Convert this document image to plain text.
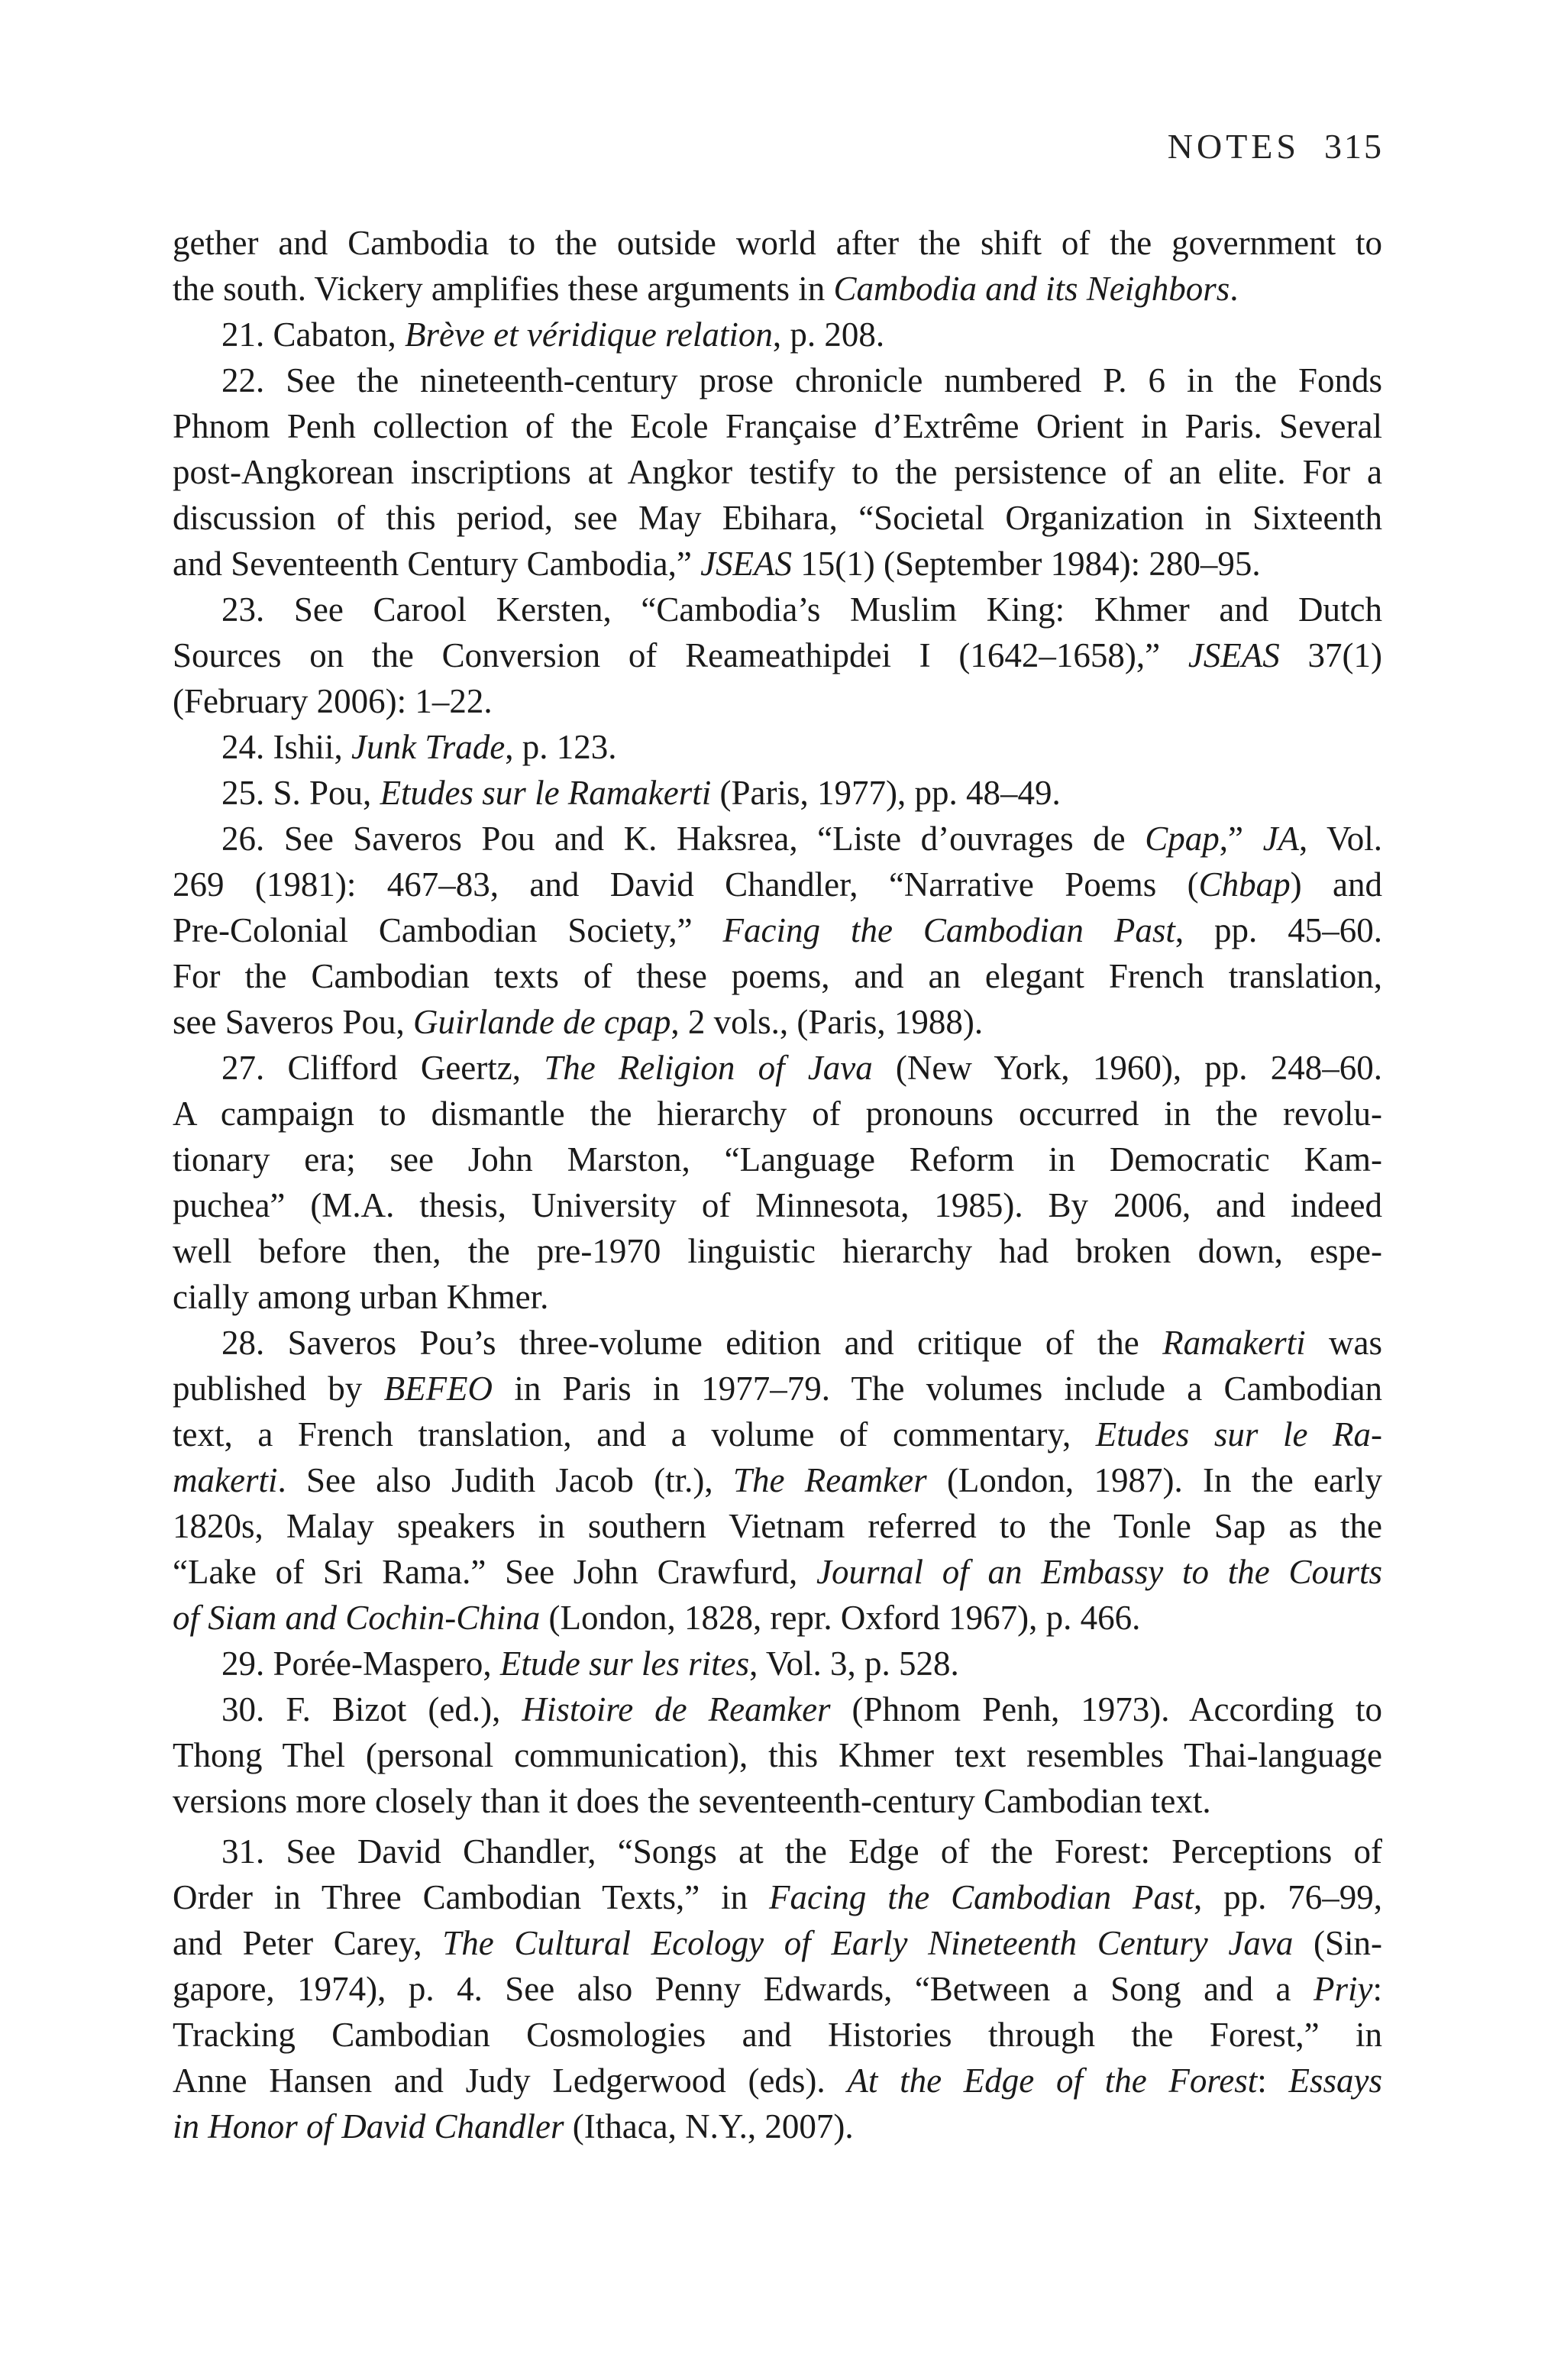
NOTES 315
gether and Cambodia to the outside world after the shift of the government to
the south. Vickery amplifies these arguments in Cambodia and its Neighbors.
21. Cabaton, Brève et véridique relation, p. 208.
22. See the nineteenth-century prose chronicle numbered P. 6 in the Fonds
Phnom Penh collection of the Ecole Française d’Extrême Orient in Paris. Several
post-Angkorean inscriptions at Angkor testify to the persistence of an elite. For a
discussion of this period, see May Ebihara, “Societal Organization in Sixteenth
and Seventeenth Century Cambodia,” JSEAS 15(1) (September 1984): 280–95.
23. See Carool Kersten, “Cambodia’s Muslim King: Khmer and Dutch
Sources on the Conversion of Reameathipdei I (1642–1658),” JSEAS 37(1)
(February 2006): 1–22.
24. Ishii, Junk Trade, p. 123.
25. S. Pou, Etudes sur le Ramakerti (Paris, 1977), pp. 48–49.
26. See Saveros Pou and K. Haksrea, “Liste d’ouvrages de Cpap,” JA, Vol.
269 (1981): 467–83, and David Chandler, “Narrative Poems (Chbap) and
Pre-Colonial Cambodian Society,” Facing the Cambodian Past, pp. 45–60.
For the Cambodian texts of these poems, and an elegant French translation,
see Saveros Pou, Guirlande de cpap, 2 vols., (Paris, 1988).
27. Clifford Geertz, The Religion of Java (New York, 1960), pp. 248–60.
A campaign to dismantle the hierarchy of pronouns occurred in the revolu-
tionary era; see John Marston, “Language Reform in Democratic Kam-
puchea” (M.A. thesis, University of Minnesota, 1985). By 2006, and indeed
well before then, the pre-1970 linguistic hierarchy had broken down, espe-
cially among urban Khmer.
28. Saveros Pou’s three-volume edition and critique of the Ramakerti was
published by BEFEO in Paris in 1977–79. The volumes include a Cambodian
text, a French translation, and a volume of commentary, Etudes sur le Ra-
makerti. See also Judith Jacob (tr.), The Reamker (London, 1987). In the early
1820s, Malay speakers in southern Vietnam referred to the Tonle Sap as the
“Lake of Sri Rama.” See John Crawfurd, Journal of an Embassy to the Courts
of Siam and Cochin-China (London, 1828, repr. Oxford 1967), p. 466.
29. Porée-Maspero, Etude sur les rites, Vol. 3, p. 528.
30. F. Bizot (ed.), Histoire de Reamker (Phnom Penh, 1973). According to
Thong Thel (personal communication), this Khmer text resembles Thai-language
versions more closely than it does the seventeenth-century Cambodian text.
31. See David Chandler, “Songs at the Edge of the Forest: Perceptions of
Order in Three Cambodian Texts,” in Facing the Cambodian Past, pp. 76–99,
and Peter Carey, The Cultural Ecology of Early Nineteenth Century Java (Sin-
gapore, 1974), p. 4. See also Penny Edwards, “Between a Song and a Priy:
Tracking Cambodian Cosmologies and Histories through the Forest,” in
Anne Hansen and Judy Ledgerwood (eds). At the Edge of the Forest: Essays
in Honor of David Chandler (Ithaca, N.Y., 2007).
